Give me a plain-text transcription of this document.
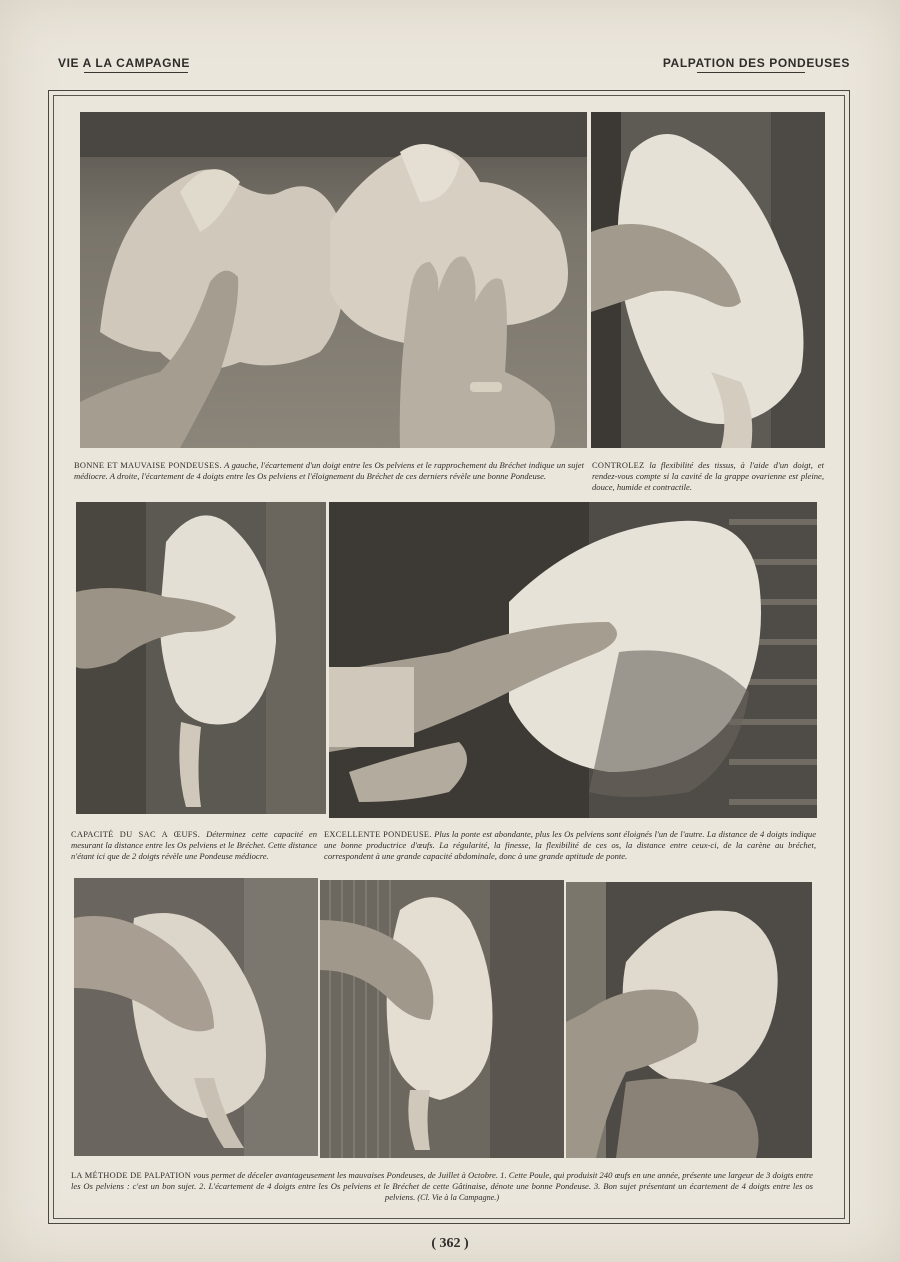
VIE A LA CAMPAGNE	PALPATION DES PONDEUSES
BONNE ET MAUVAISE PONDEUSES. A gauche, l'écartement d'un doigt entre les Os pelviens et le rapprochement du Bréchet indique un sujet médiocre. A droite, l'écartement de 4 doigts entre les Os pelviens et l'éloignement du Bréchet de ces derniers révèle une bonne Pondeuse.
CONTROLEZ la flexibilité des tissus, à l'aide d'un doigt, et rendez-vous compte si la cavité de la grappe ovarienne est pleine, douce, humide et contractile.
CAPACITÉ DU SAC A ŒUFS. Déterminez cette capacité en mesurant la distance entre les Os pelviens et le Bréchet. Cette distance n'étant ici que de 2 doigts révèle une Pondeuse médiocre.
EXCELLENTE PONDEUSE. Plus la ponte est abondante, plus les Os pelviens sont éloignés l'un de l'autre. La distance de 4 doigts indique une bonne productrice d'œufs. La régularité, la finesse, la flexibilité de ces os, la distance entre ceux-ci, de la carène au bréchet, correspondent à une grande capacité abdominale, donc à une grande aptitude de ponte.
LA MÉTHODE DE PALPATION vous permet de déceler avantageusement les mauvaises Pondeuses, de Juillet à Octobre. 1. Cette Poule, qui produisit 240 œufs en une année, présente une largeur de 3 doigts entre les Os pelviens : c'est un bon sujet. 2. L'écartement de 4 doigts entre les Os pelviens et le Bréchet de cette Gâtinaise, dénote une bonne Pondeuse. 3. Bon sujet présentant un écartement de 4 doigts entre les os pelviens. (Cl. Vie à la Campagne.)
( 362 )
